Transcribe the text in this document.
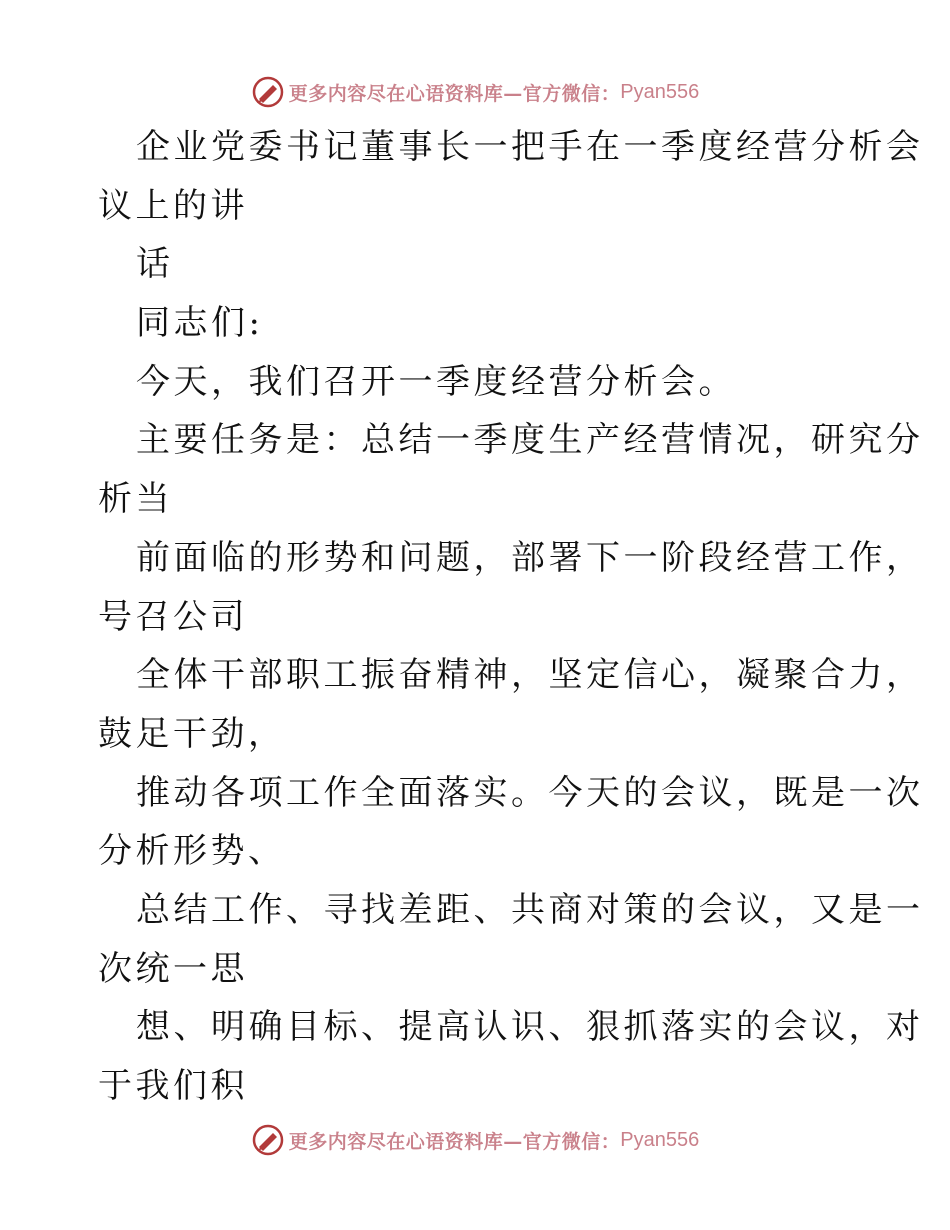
更多内容尽在心语资料库—官方微信： Pyan556
企业党委书记董事长一把手在一季度经营分析会
议上的讲
话
同志们:
今天，我们召开一季度经营分析会。
主要任务是：总结一季度生产经营情况，研究分
析当
前面临的形势和问题，部署下一阶段经营工作，
号召公司
全体干部职工振奋精神，坚定信心，凝聚合力，
鼓足干劲，
推动各项工作全面落实。今天的会议，既是一次
分析形势、
总结工作、寻找差距、共商对策的会议，又是一
次统一思
想、明确目标、提高认识、狠抓落实的会议，对
于我们积
更多内容尽在心语资料库—官方微信： Pyan556
